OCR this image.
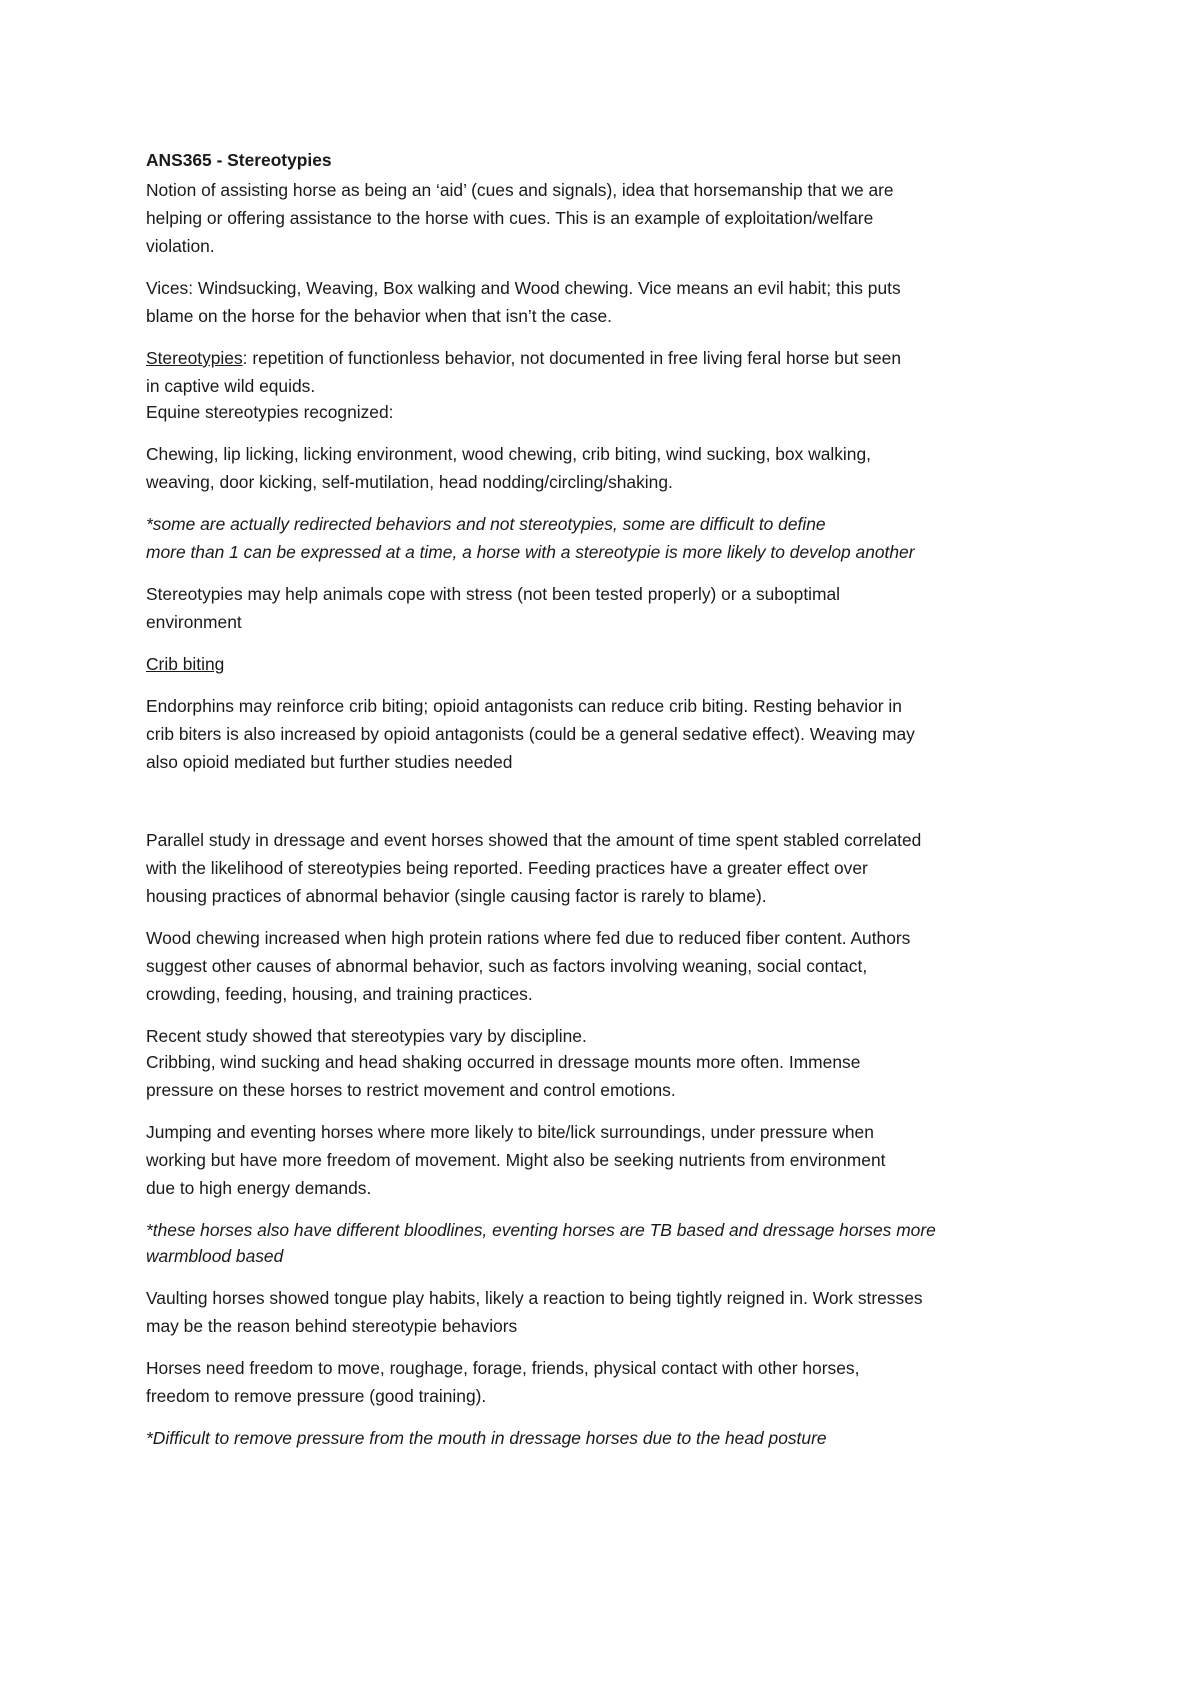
ANS365 - Stereotypies

Notion of assisting horse as being an ‘aid’ (cues and signals), idea that horsemanship that we are

helping or offering assistance to the horse with cues. This is an example of exploitation/welfare

violation.

Vices: Windsucking, Weaving, Box walking and Wood chewing. Vice means an evil habit; this puts

blame on the horse for the behavior when that isn’t the case.

Stereotypies: repetition of functionless behavior, not documented in free living feral horse but seen

in captive wild equids.

Equine stereotypies recognized:

Chewing, lip licking, licking environment, wood chewing, crib biting, wind sucking, box walking,

weaving, door kicking, self-mutilation, head nodding/circling/shaking.

*some are actually redirected behaviors and not stereotypies, some are difficult to define

more than 1 can be expressed at a time, a horse with a stereotypie is more likely to develop another

Stereotypies may help animals cope with stress (not been tested properly) or a suboptimal

environment

Crib biting

Endorphins may reinforce crib biting; opioid antagonists can reduce crib biting. Resting behavior in

crib biters is also increased by opioid antagonists (could be a general sedative effect). Weaving may

also opioid mediated but further studies needed

Parallel study in dressage and event horses showed that the amount of time spent stabled correlated

with the likelihood of stereotypies being reported. Feeding practices have a greater effect over

housing practices of abnormal behavior (single causing factor is rarely to blame).

Wood chewing increased when high protein rations where fed due to reduced fiber content. Authors

suggest other causes of abnormal behavior, such as factors involving weaning, social contact,

crowding, feeding, housing, and training practices.

Recent study showed that stereotypies vary by discipline.

Cribbing, wind sucking and head shaking occurred in dressage mounts more often. Immense

pressure on these horses to restrict movement and control emotions.

Jumping and eventing horses where more likely to bite/lick surroundings, under pressure when

working but have more freedom of movement. Might also be seeking nutrients from environment

due to high energy demands.

*these horses also have different bloodlines, eventing horses are TB based and dressage horses more

warmblood based

Vaulting horses showed tongue play habits, likely a reaction to being tightly reigned in. Work stresses

may be the reason behind stereotypie behaviors

Horses need freedom to move, roughage, forage, friends, physical contact with other horses,

freedom to remove pressure (good training).

*Difficult to remove pressure from the mouth in dressage horses due to the head posture
